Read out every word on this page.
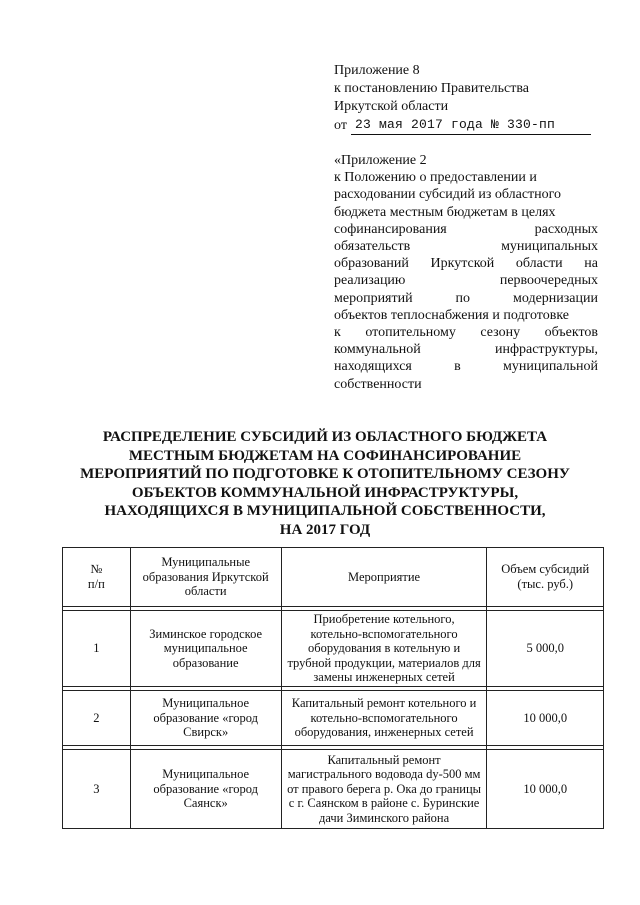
Приложение 8
к постановлению Правительства
Иркутской области
от 23 мая 2017 года № 330-пп
«Приложение 2
к Положению о предоставлении и
расходовании субсидий из областного
бюджета местным бюджетам в целях
софинансирования	расходных
обязательств	муниципальных
образований Иркутской области на
реализацию	первоочередных
мероприятий	по	модернизации
объектов теплоснабжения и подготовке
к отопительному сезону объектов
коммунальной	инфраструктуры,
находящихся	в	муниципальной
собственности
РАСПРЕДЕЛЕНИЕ СУБСИДИЙ ИЗ ОБЛАСТНОГО БЮДЖЕТА
МЕСТНЫМ БЮДЖЕТАМ НА СОФИНАНСИРОВАНИЕ
МЕРОПРИЯТИЙ ПО ПОДГОТОВКЕ К ОТОПИТЕЛЬНОМУ СЕЗОНУ
ОБЪЕКТОВ КОММУНАЛЬНОЙ ИНФРАСТРУКТУРЫ,
НАХОДЯЩИХСЯ В МУНИЦИПАЛЬНОЙ СОБСТВЕННОСТИ,
НА 2017 ГОД
№
п/п	Муниципальные
образования Иркутской
области	Мероприятие	Объем субсидий
(тыс. руб.)

1	Зиминское городское
муниципальное
образование	Приобретение котельного,
котельно-вспомогательного
оборудования в котельную и
трубной продукции, материалов для
замены инженерных сетей	5 000,0

2	Муниципальное
образование «город
Свирск»	Капитальный ремонт котельного и
котельно-вспомогательного
оборудования, инженерных сетей	10 000,0

3	Муниципальное
образование «город
Саянск»	Капитальный ремонт
магистрального водовода dy-500 мм
от правого берега р. Ока до границы
с г. Саянском в районе с. Буринские
дачи Зиминского района	10 000,0
